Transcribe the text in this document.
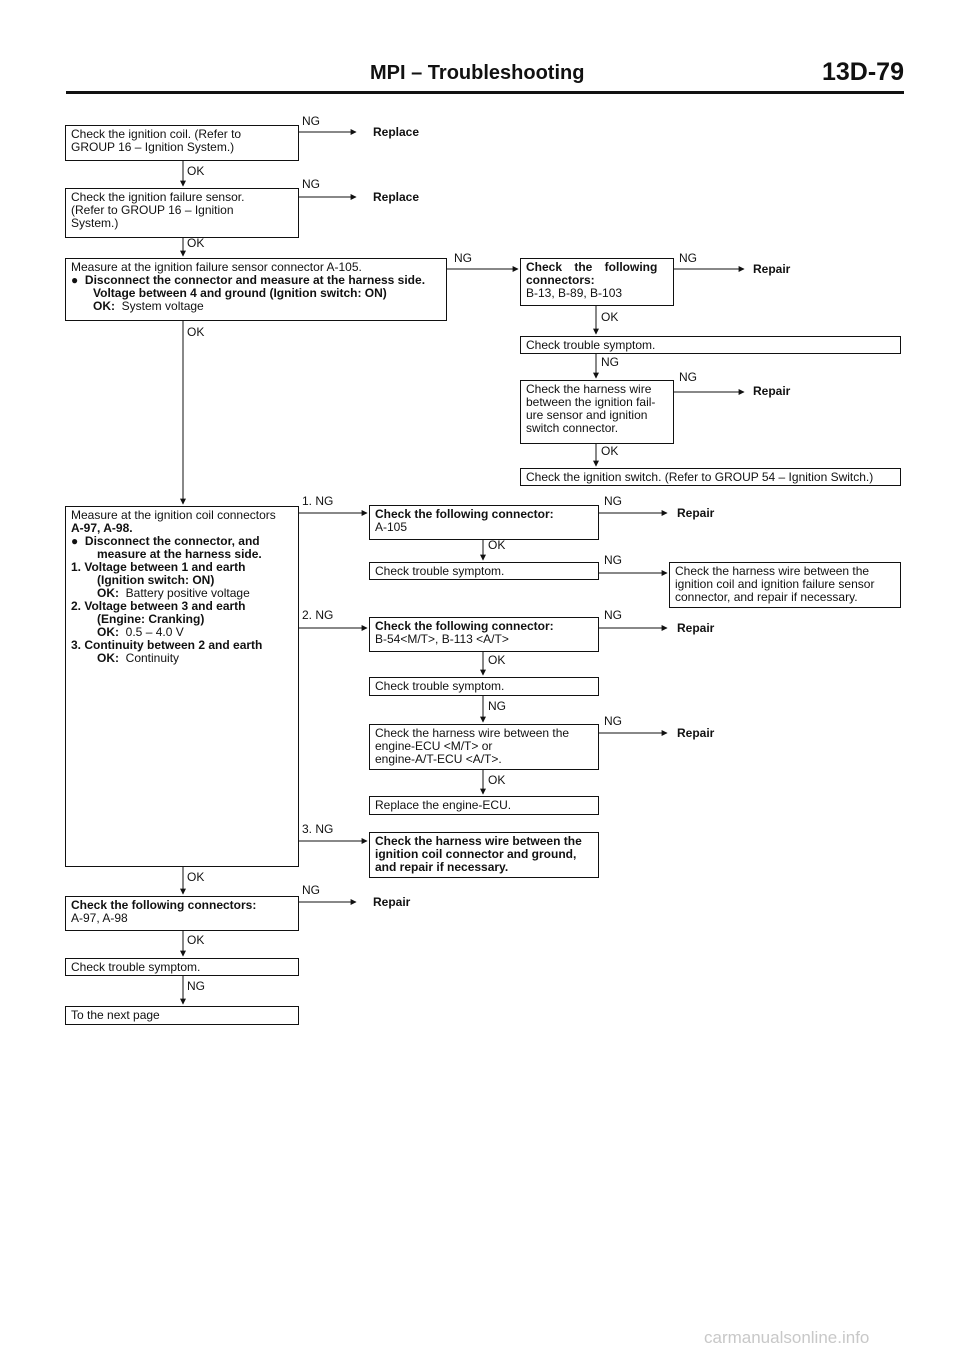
MPI – Troubleshooting	13D-79
Check the ignition coil. (Refer to
GROUP 16 – Ignition System.)
Check the ignition failure sensor.
(Refer to GROUP 16 – Ignition
System.)
Measure at the ignition failure sensor connector A-105.
● Disconnect the connector and measure at the harness side.
Voltage between 4 and ground (Ignition switch: ON)
OK: System voltage
Measure at the ignition coil connectors
A-97, A-98.
● Disconnect the connector, and
measure at the harness side.
1. Voltage between 1 and earth
(Ignition switch: ON)
OK: Battery positive voltage
2. Voltage between 3 and earth
(Engine: Cranking)
OK: 0.5 – 4.0 V
3. Continuity between 2 and earth
OK: Continuity
Check the following connectors:
A-97, A-98
Check trouble symptom.
To the next page
Check the following
connectors:
B-13, B-89, B-103
Check trouble symptom.
Check the harness wire
between the ignition fail-
ure sensor and ignition
switch connector.
Check the ignition switch. (Refer to GROUP 54 – Ignition Switch.)
Check the following connector:
A-105
Check trouble symptom.	Check the harness wire between the
ignition coil and ignition failure sensor
connector, and repair if necessary.
Check the following connector:
B-54<M/T>, B-113 <A/T>
Check trouble symptom.
Check the harness wire between the
engine-ECU <M/T> or
engine-A/T-ECU <A/T>.
Replace the engine-ECU.
Check the harness wire between the
ignition coil connector and ground,
and repair if necessary.
Replace
Replace
Repair
Repair
Repair
Repair
Repair
Repair
NG
OK
NG
OK
NG	NG
OK
OK
NG
NG
OK
1. NG	NG
OK
NG
2. NG	NG
OK
NG
NG
OK
3. NG
OK
NG
OK
NG
carmanualsonline.info
